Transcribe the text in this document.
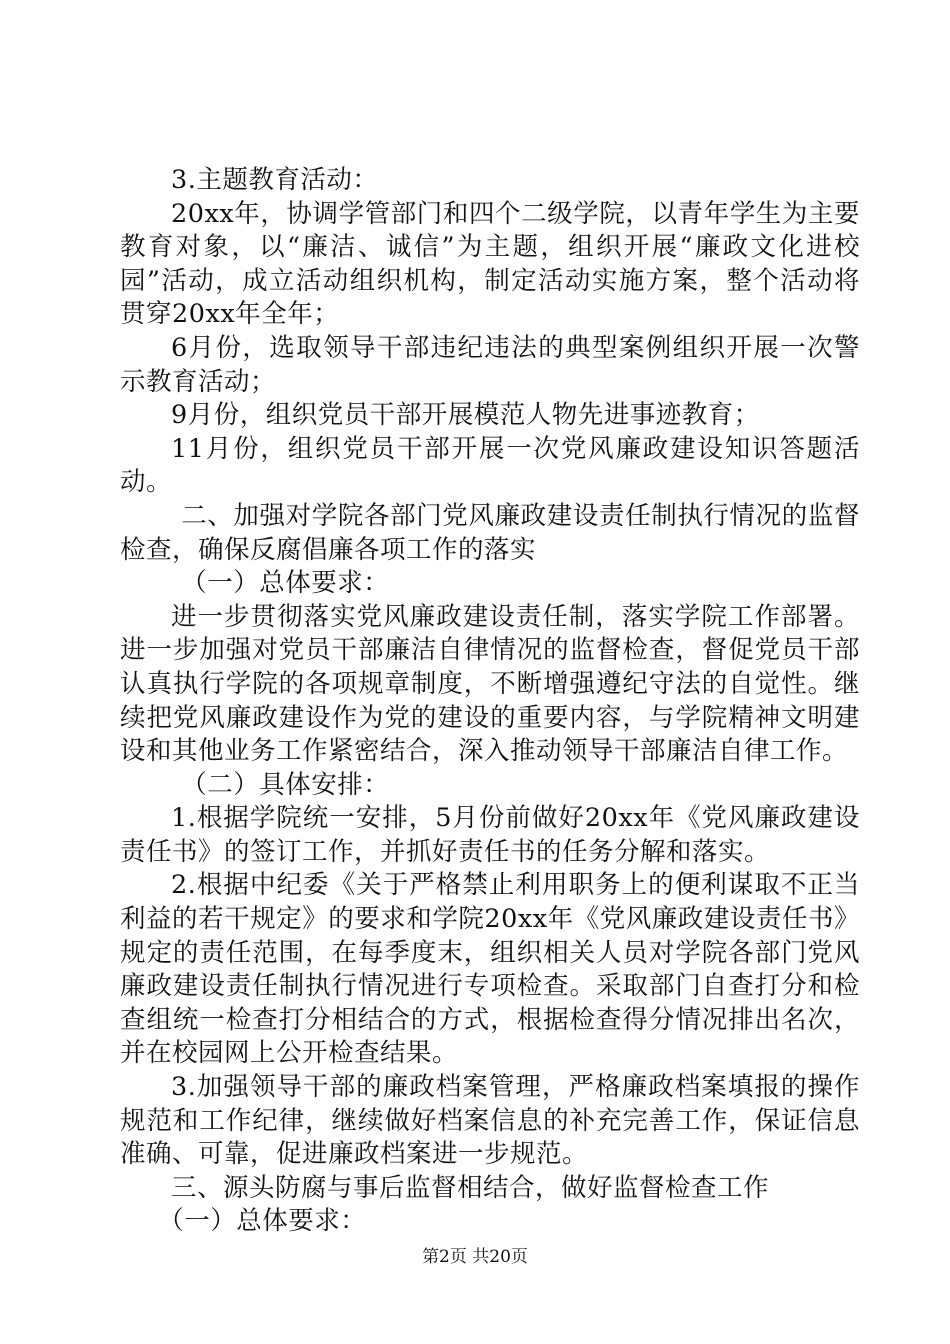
3.主题教育活动：

20xx年，协调学管部门和四个二级学院，以青年学生为主要教育对象，以“廉洁、诚信”为主题，组织开展“廉政文化进校园”活动，成立活动组织机构，制定活动实施方案，整个活动将贯穿20xx年全年；

6月份，选取领导干部违纪违法的典型案例组织开展一次警示教育活动；

9月份，组织党员干部开展模范人物先进事迹教育；

11月份，组织党员干部开展一次党风廉政建设知识答题活动。

二、加强对学院各部门党风廉政建设责任制执行情况的监督检查，确保反腐倡廉各项工作的落实

（一）总体要求：

进一步贯彻落实党风廉政建设责任制，落实学院工作部署。进一步加强对党员干部廉洁自律情况的监督检查，督促党员干部认真执行学院的各项规章制度，不断增强遵纪守法的自觉性。继续把党风廉政建设作为党的建设的重要内容，与学院精神文明建设和其他业务工作紧密结合，深入推动领导干部廉洁自律工作。

（二）具体安排：

1.根据学院统一安排，5月份前做好20xx年《党风廉政建设责任书》的签订工作，并抓好责任书的任务分解和落实。

2.根据中纪委《关于严格禁止利用职务上的便利谋取不正当利益的若干规定》的要求和学院20xx年《党风廉政建设责任书》规定的责任范围，在每季度末，组织相关人员对学院各部门党风廉政建设责任制执行情况进行专项检查。采取部门自查打分和检查组统一检查打分相结合的方式，根据检查得分情况排出名次，并在校园网上公开检查结果。

3.加强领导干部的廉政档案管理，严格廉政档案填报的操作规范和工作纪律，继续做好档案信息的补充完善工作，保证信息准确、可靠，促进廉政档案进一步规范。

三、源头防腐与事后监督相结合，做好监督检查工作

（一）总体要求：

第2页 共20页
